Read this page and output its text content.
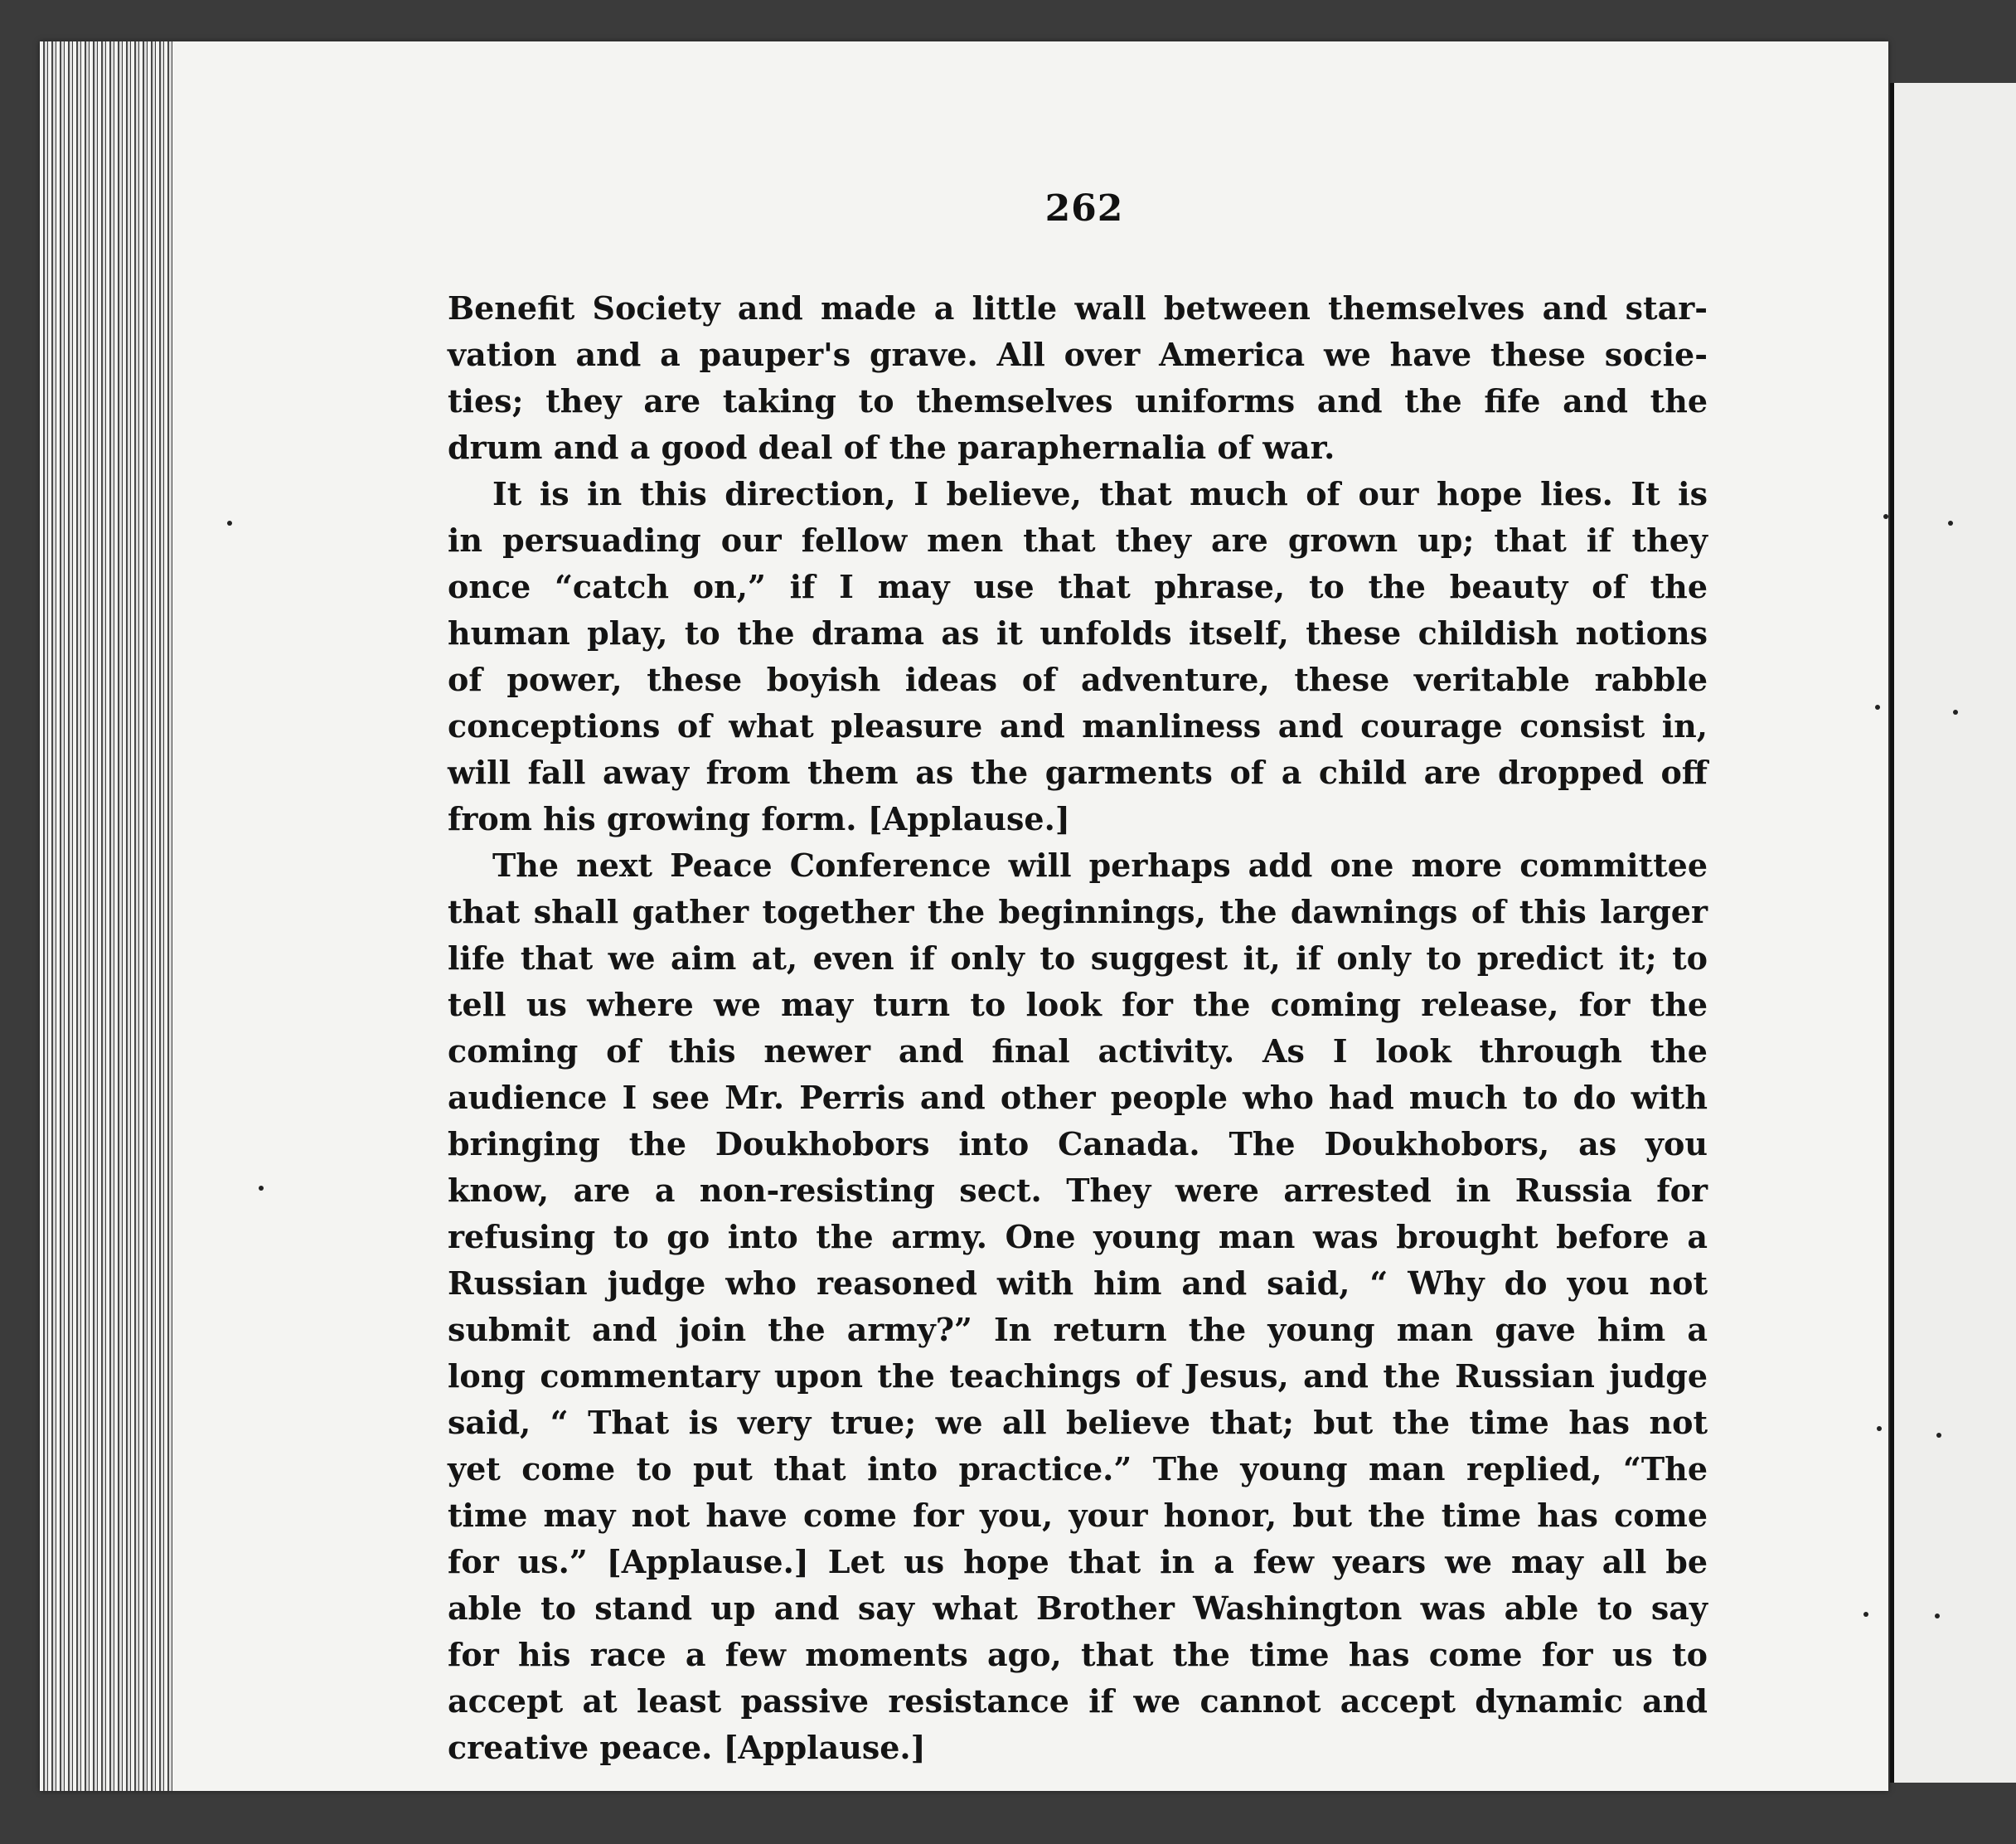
262
Benefit Society and made a little wall between themselves and star-
vation and a pauper's grave. All over America we have these socie-
ties; they are taking to themselves uniforms and the fife and the
drum and a good deal of the paraphernalia of war.
It is in this direction, I believe, that much of our hope lies. It is
in persuading our fellow men that they are grown up; that if they
once “catch on,” if I may use that phrase, to the beauty of the
human play, to the drama as it unfolds itself, these childish notions
of power, these boyish ideas of adventure, these veritable rabble
conceptions of what pleasure and manliness and courage consist in,
will fall away from them as the garments of a child are dropped off
from his growing form. [Applause.]
The next Peace Conference will perhaps add one more committee
that shall gather together the beginnings, the dawnings of this larger
life that we aim at, even if only to suggest it, if only to predict it; to
tell us where we may turn to look for the coming release, for the
coming of this newer and final activity. As I look through the
audience I see Mr. Perris and other people who had much to do with
bringing the Doukhobors into Canada. The Doukhobors, as you
know, are a non-resisting sect. They were arrested in Russia for
refusing to go into the army. One young man was brought before a
Russian judge who reasoned with him and said, “ Why do you not
submit and join the army?” In return the young man gave him a
long commentary upon the teachings of Jesus, and the Russian judge
said, “ That is very true; we all believe that; but the time has not
yet come to put that into practice.” The young man replied, “The
time may not have come for you, your honor, but the time has come
for us.” [Applause.] Let us hope that in a few years we may all be
able to stand up and say what Brother Washington was able to say
for his race a few moments ago, that the time has come for us to
accept at least passive resistance if we cannot accept dynamic and
creative peace. [Applause.]
